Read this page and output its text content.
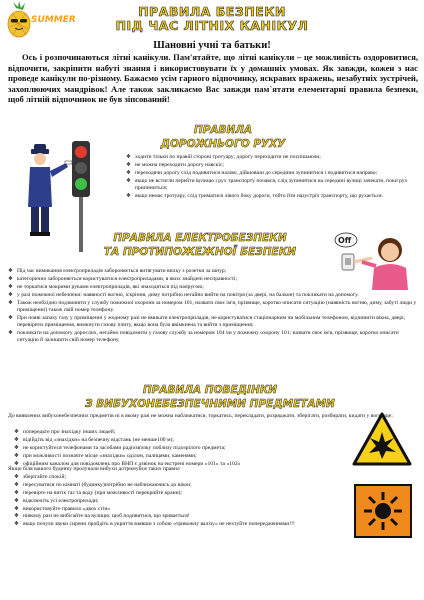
SUMMER
ПРАВИЛА БЕЗПЕКИ
ПІД ЧАС ЛІТНІХ КАНІКУЛ
Шановні учні та батьки!
Ось і розпочинаються літні канікули. Пам'ятайте, що літні канікули – це можливість оздоровитися, відпочити, закріпити набуті знання і використовувати їх у домашніх умовах. Як завжди, кожен з нас проведе канікули по-різному. Бажаємо усім гарного відпочинку, яскравих вражень, незабутніх зустрічей, захоплюючих мандрівок! Але також закликаємо Вас завжди пам`ятати елементарні правила безпеки, щоб літній відпочинок не був зіпсований!
ПРАВИЛА
ДОРОЖНЬОГО РУХУ
❖ ходити тільки по правій стороні тротуару; дорогу переходити не поспішаючи;
❖ не можна переходити дорогу навскіс;
❖ переходячи дорогу слід подивитися наліво, дійшовши до середини зупинитися і подивитися направо;
❖ якщо не встигли перейти вулицю і рух транспорту почався, слід зупинитися на середині вулиці зачекати, поки рух припиниться;
❖ якщо немає тротуару, слід триматися лівого боку дороги, тобто йти назустріч транспорту, що рухається.
ПРАВИЛА ЕЛЕКТРОБЕЗПЕКИ
ТА ПРОТИПОЖЕЖНОЇ БЕЗПЕКИ
Off
❖ Під час вимикання електроприладів забороняється витягувати вилку з розетки за шнур;
❖ категорично забороняється користуватися електроприладами, в яких знайдені несправності;
❖ не торкатися мокрими руками електроприладів, які знаходяться під напругою;
❖ у разі пожежної небезпеки: наявності вогню, іскріння, диму потрібно негайно вийти на повітря (за двері, на балкон) та покликати на допомогу.
❖ Також необхідно подзвонити у службу пожежної охорони за номером 101, назвати своє ім'я, прізвище, коротко описати ситуацію (наявність вогню, диму, забуті люди у приміщенні) також свій номер телефону.
❖ При появі запаху газу у приміщенні у жодному разі не вмикати електроприладів, не користуватися стаціонарним чи мобільним телефоном, відчинити вікна, двері, перевірити приміщення, вимкнути газову плиту, якщо вона була ввімкнена та вийти з приміщення;
❖ покликати на допомогу дорослих, негайно повідомити у газову службу за номером 104 чи у пожежну охорону 101; назвати своє ім'я, прізвище, коротко описати ситуацію й залишити свій номер телефону.
ПРАВИЛА ПОВЕДІНКИ
З ВИБУХОНЕБЕЗПЕЧНИМИ ПРЕДМЕТАМИ
До виявлених вибухонебезпечних предметів ні в якому разі не можна наближатися, торкатись, перекладати, розряджати, зберігати, розбирати, кидати у вогнище;
❖ попередьте про знахідку інших людей;
❖ відійдіть від «знахідки» на безпечну відстань (не менше100 м);
❖ не користуйтеся телефонами та засобами радіозв'язку поблизу підозрілого предмета;
❖ при можливості позначте місце «знахідки» оділом, палицями, каменями;
❖ офіційним каналом для повідомлень про ВНП є дзвінок на екстрені номери «101» та «102»
Якщо біля вашого будинку пролунали вибухи дотримуйся таких правил
❖ зберігайте спокій;
❖ пересуватися по кімнаті (будинку)потрібно не наближаючись до вікон;
❖ перевірте на витік газ та воду (при можливості перекрийте крани);
❖ відключіть усі електроприлади;
❖ використовуйте правило «двох стін»
❖ ніякому разі не вибігайте на вулицю, щоб подивитися, що зриваєтьcя!
❖ якщо почули звуки сирени пройдіть в укриття взявши з собою «тривожну валізу» не нехтуйте попередженнями!!!
